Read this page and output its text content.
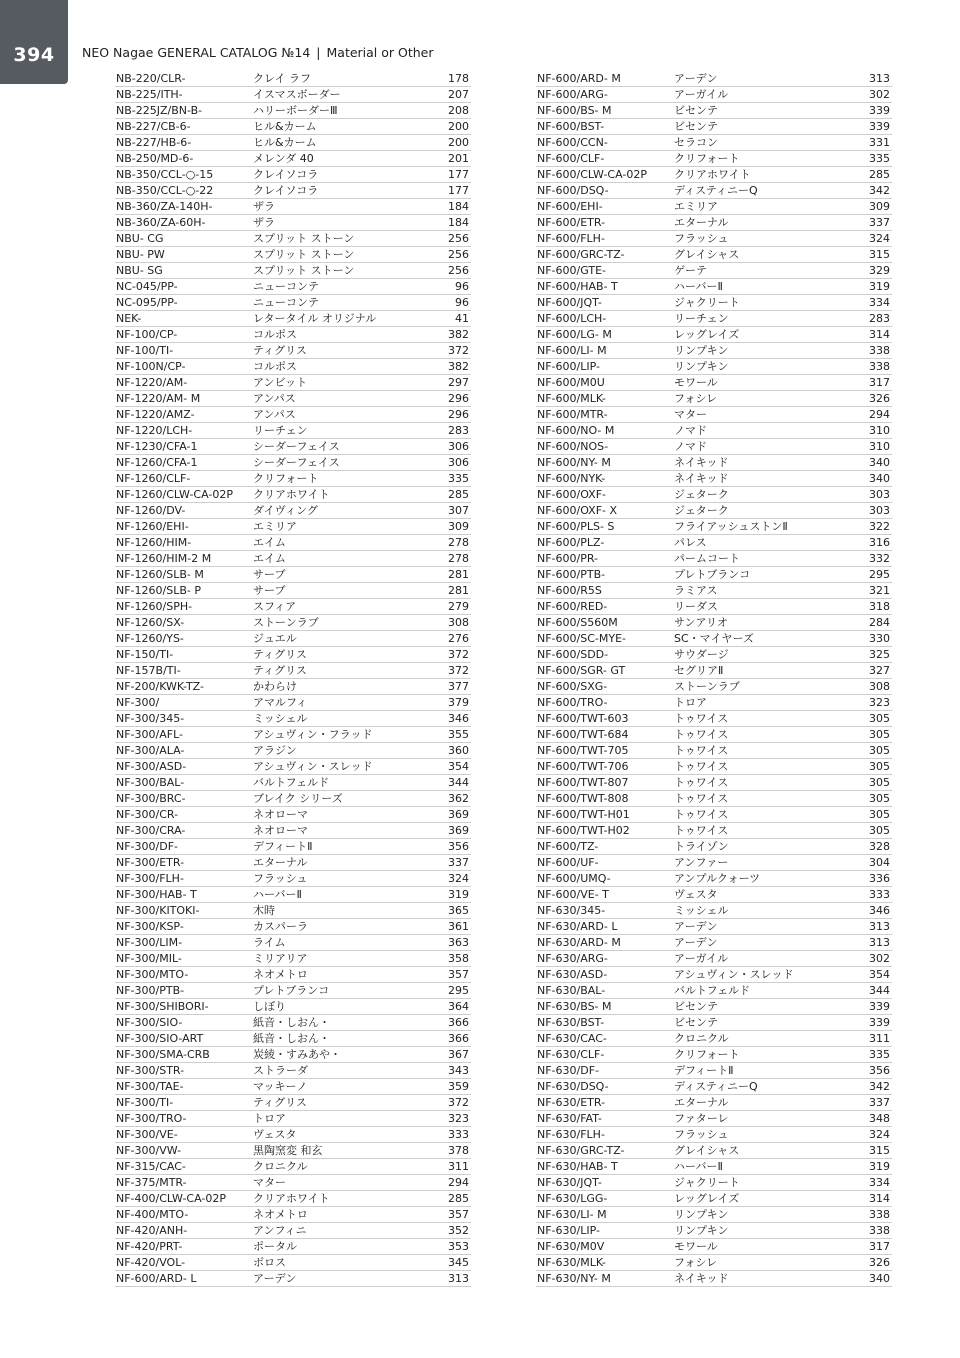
394	NEO Nagae GENERAL CATALOG №14 | Material or Other
NB-220/CLR-	クレイ ラフ	178
NB-225/ITH-	イスマスボーダー	207
NB-225JZ/BN-B-	ハリーボーダーⅢ	208
NB-227/CB-6-	ヒル&カーム	200
NB-227/HB-6-	ヒル&カーム	200
NB-250/MD-6-	メレンダ 40	201
NB-350/CCL-○-15	クレイソコラ	177
NB-350/CCL-○-22	クレイソコラ	177
NB-360/ZA-140H-	ザラ	184
NB-360/ZA-60H-	ザラ	184
NBU- CG	スプリット ストーン	256
NBU- PW	スプリット ストーン	256
NBU- SG	スプリット ストーン	256
NC-045/PP-	ニューコンテ	96
NC-095/PP-	ニューコンテ	96
NEK-	レタータイル オリジナル	41
NF-100/CP-	コルポス	382
NF-100/TI-	ティグリス	372
NF-100N/CP-	コルポス	382
NF-1220/AM-	アンビット	297
NF-1220/AM- M	アンパス	296
NF-1220/AMZ-	アンパス	296
NF-1220/LCH-	リーチェン	283
NF-1230/CFA-1	シーダーフェイス	306
NF-1260/CFA-1	シーダーフェイス	306
NF-1260/CLF-	クリフォート	335
NF-1260/CLW-CA-02P クリアホワイト	285
NF-1260/DV-	ダイヴィング	307
NF-1260/EHI-	エミリア	309
NF-1260/HIM-	エイム	278
NF-1260/HIM-2 M	エイム	278
NF-1260/SLB- M	サーブ	281
NF-1260/SLB- P	サーブ	281
NF-1260/SPH-	スフィア	279
NF-1260/SX-	ストーンラブ	308
NF-1260/YS-	ジュエル	276
NF-150/TI-	ティグリス	372
NF-157B/TI-	ティグリス	372
NF-200/KWK-TZ-	かわらけ	377
NF-300/	アマルフィ	379
NF-300/345-	ミッシェル	346
NF-300/AFL-	アシュヴィン・フラッド	355
NF-300/ALA-	アラジン	360
NF-300/ASD-	アシュヴィン・スレッド	354
NF-300/BAL-	バルトフェルド	344
NF-300/BRC-	ブレイク シリーズ	362
NF-300/CR-	ネオローマ	369
NF-300/CRA-	ネオローマ	369
NF-300/DF-	デフィートⅡ	356
NF-300/ETR-	エターナル	337
NF-300/FLH-	フラッシュ	324
NF-300/HAB- T	ハーバーⅡ	319
NF-300/KITOKI-	木時	365
NF-300/KSP-	カスパーラ	361
NF-300/LIM-	ライム	363
NF-300/MIL-	ミリアリア	358
NF-300/MTO-	ネオメトロ	357
NF-300/PTB-	プレトブランコ	295
NF-300/SHIBORI-	しぼり	364
NF-300/SIO-	紙音・しおん・	366
NF-300/SIO-ART	紙音・しおん・	366
NF-300/SMA-CRB	炭綾・すみあや・	367
NF-300/STR-	ストラーダ	343
NF-300/TAE-	マッキーノ	359
NF-300/TI-	ティグリス	372
NF-300/TRO-	トロア	323
NF-300/VE-	ヴェスタ	333
NF-300/VW-	黒陶窯変 和玄	378
NF-315/CAC-	クロニクル	311
NF-375/MTR-	マター	294
NF-400/CLW-CA-02P クリアホワイト	285
NF-400/MTO-	ネオメトロ	357
NF-420/ANH-	アンフィニ	352
NF-420/PRT-	ポータル	353
NF-420/VOL-	ボロス	345
NF-600/ARD- L	アーデン	313
NF-600/ARD- M	アーデン	313
NF-600/ARG-	アーガイル	302
NF-600/BS- M	ビセンテ	339
NF-600/BST-	ビセンテ	339
NF-600/CCN-	セラコン	331
NF-600/CLF-	クリフォート	335
NF-600/CLW-CA-02P クリアホワイト	285
NF-600/DSQ-	ディスティニーQ	342
NF-600/EHI-	エミリア	309
NF-600/ETR-	エターナル	337
NF-600/FLH-	フラッシュ	324
NF-600/GRC-TZ-	グレイシャス	315
NF-600/GTE-	ゲーテ	329
NF-600/HAB- T	ハーバーⅡ	319
NF-600/JQT-	ジャクリート	334
NF-600/LCH-	リーチェン	283
NF-600/LG- M	レッグレイズ	314
NF-600/LI- M	リンプキン	338
NF-600/LIP-	リンプキン	338
NF-600/M0U	モワール	317
NF-600/MLK-	フォシレ	326
NF-600/MTR-	マター	294
NF-600/NO- M	ノマド	310
NF-600/NOS-	ノマド	310
NF-600/NY- M	ネイキッド	340
NF-600/NYK-	ネイキッド	340
NF-600/OXF-	ジェターク	303
NF-600/OXF- X	ジェターク	303
NF-600/PLS- S	フライアッシュストンⅡ	322
NF-600/PLZ-	パレス	316
NF-600/PR-	パームコート	332
NF-600/PTB-	プレトブランコ	295
NF-600/R5S	ラミアス	321
NF-600/RED-	リーダス	318
NF-600/S560M	サンアリオ	284
NF-600/SC-MYE-	SC・マイヤーズ	330
NF-600/SDD-	サウダージ	325
NF-600/SGR- GT	セグリアⅡ	327
NF-600/SXG-	ストーンラブ	308
NF-600/TRO-	トロア	323
NF-600/TWT-603	トゥワイス	305
NF-600/TWT-684	トゥワイス	305
NF-600/TWT-705	トゥワイス	305
NF-600/TWT-706	トゥワイス	305
NF-600/TWT-807	トゥワイス	305
NF-600/TWT-808	トゥワイス	305
NF-600/TWT-H01	トゥワイス	305
NF-600/TWT-H02	トゥワイス	305
NF-600/TZ-	トライゾン	328
NF-600/UF-	アンファー	304
NF-600/UMQ-	アンプルクォーツ	336
NF-600/VE- T	ヴェスタ	333
NF-630/345-	ミッシェル	346
NF-630/ARD- L	アーデン	313
NF-630/ARD- M	アーデン	313
NF-630/ARG-	アーガイル	302
NF-630/ASD-	アシュヴィン・スレッド	354
NF-630/BAL-	バルトフェルド	344
NF-630/BS- M	ビセンテ	339
NF-630/BST-	ビセンテ	339
NF-630/CAC-	クロニクル	311
NF-630/CLF-	クリフォート	335
NF-630/DF-	デフィートⅡ	356
NF-630/DSQ-	ディスティニーQ	342
NF-630/ETR-	エターナル	337
NF-630/FAT-	ファターレ	348
NF-630/FLH-	フラッシュ	324
NF-630/GRC-TZ-	グレイシャス	315
NF-630/HAB- T	ハーバーⅡ	319
NF-630/JQT-	ジャクリート	334
NF-630/LGG-	レッグレイズ	314
NF-630/LI- M	リンプキン	338
NF-630/LIP-	リンプキン	338
NF-630/M0V	モワール	317
NF-630/MLK-	フォシレ	326
NF-630/NY- M	ネイキッド	340
